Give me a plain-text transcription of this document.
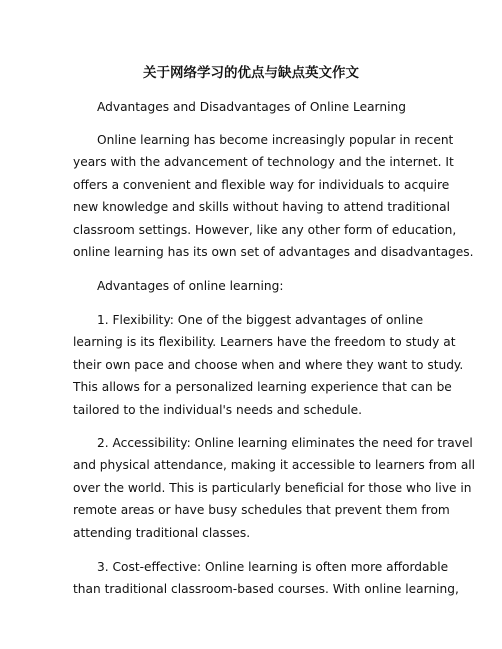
关于网络学习的优点与缺点英文作文
Advantages and Disadvantages of Online Learning
Online learning has become increasingly popular in recent
years with the advancement of technology and the internet. It
offers a convenient and flexible way for individuals to acquire
new knowledge and skills without having to attend traditional
classroom settings. However, like any other form of education,
online learning has its own set of advantages and disadvantages.
Advantages of online learning:
1. Flexibility: One of the biggest advantages of online
learning is its flexibility. Learners have the freedom to study at
their own pace and choose when and where they want to study.
This allows for a personalized learning experience that can be
tailored to the individual's needs and schedule.
2. Accessibility: Online learning eliminates the need for travel
and physical attendance, making it accessible to learners from all
over the world. This is particularly beneficial for those who live in
remote areas or have busy schedules that prevent them from
attending traditional classes.
3. Cost-effective: Online learning is often more affordable
than traditional classroom-based courses. With online learning,
